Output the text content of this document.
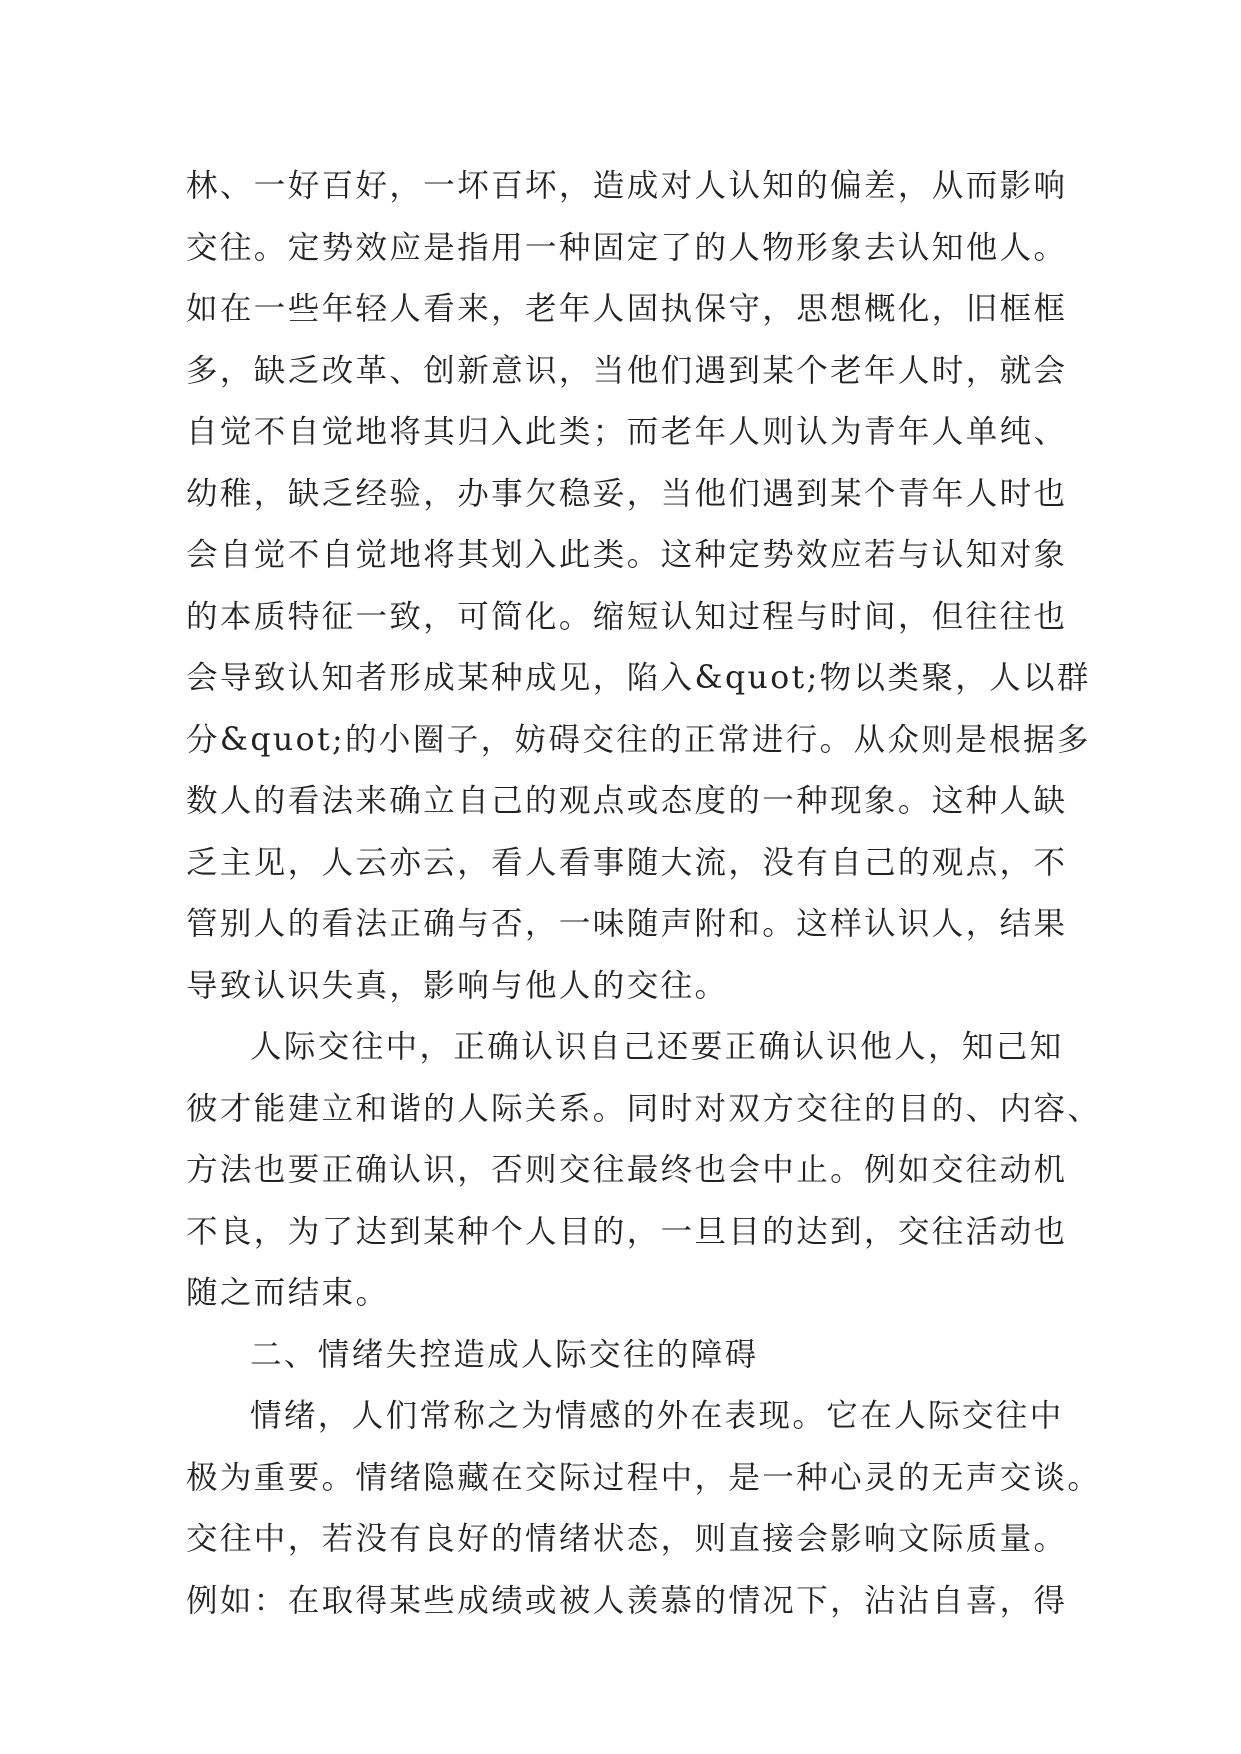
林、一好百好，一坏百坏，造成对人认知的偏差，从而影响
交往。定势效应是指用一种固定了的人物形象去认知他人。
如在一些年轻人看来，老年人固执保守，思想概化，旧框框
多，缺乏改革、创新意识，当他们遇到某个老年人时，就会
自觉不自觉地将其归入此类；而老年人则认为青年人单纯、
幼稚，缺乏经验，办事欠稳妥，当他们遇到某个青年人时也
会自觉不自觉地将其划入此类。这种定势效应若与认知对象
的本质特征一致，可简化。缩短认知过程与时间，但往往也
会导致认知者形成某种成见，陷入&quot;物以类聚，人以群
分&quot;的小圈子，妨碍交往的正常进行。从众则是根据多
数人的看法来确立自己的观点或态度的一种现象。这种人缺
乏主见，人云亦云，看人看事随大流，没有自己的观点，不
管别人的看法正确与否，一味随声附和。这样认识人，结果
导致认识失真，影响与他人的交往。
人际交往中，正确认识自己还要正确认识他人，知己知
彼才能建立和谐的人际关系。同时对双方交往的目的、内容、
方法也要正确认识，否则交往最终也会中止。例如交往动机
不良，为了达到某种个人目的，一旦目的达到，交往活动也
随之而结束。
二、情绪失控造成人际交往的障碍
情绪，人们常称之为情感的外在表现。它在人际交往中
极为重要。情绪隐藏在交际过程中，是一种心灵的无声交谈。
交往中，若没有良好的情绪状态，则直接会影响文际质量。
例如：在取得某些成绩或被人羡慕的情况下，沾沾自喜，得
